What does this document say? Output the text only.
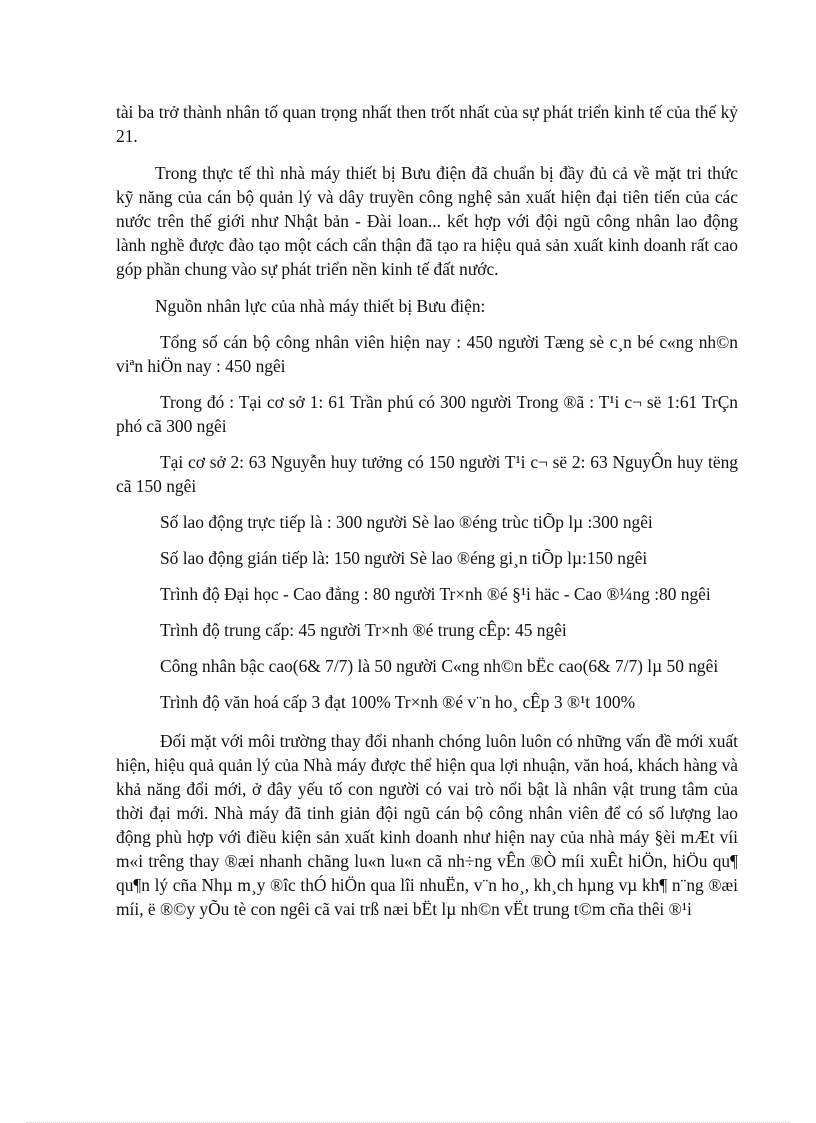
tài ba trở thành nhân tố quan trọng nhất then trốt nhất của sự phát triển kinh tế của thế kỷ 21.

Trong thực tế thì nhà máy thiết bị Bưu điện đã chuẩn bị đầy đủ cả về mặt tri thức kỹ năng của cán bộ quản lý và dây truyền công nghệ sản xuất hiện đại tiên tiến của các nước trên thế giới như Nhật bản - Đài loan... kết hợp với đội ngũ công nhân lao động lành nghề được đào tạo một cách cẩn thận đã tạo ra hiệu quả sản xuất kinh doanh rất cao góp phần chung vào sự phát triển nền kinh tế đất nước.

Nguồn nhân lực của nhà máy thiết bị Bưu điện:

Tổng số cán bộ công nhân viên hiện nay : 450 người Tæng sè c¸n bé c«ng nh©n viªn hiÖn nay : 450 ngêi

Trong đó : Tại cơ sở 1: 61 Trần phú có 300 người Trong ®ã : T¹i c¬ së 1:61 TrÇn phó cã 300 ngêi

Tại cơ sở 2: 63 Nguyễn huy tưởng có 150 người T¹i c¬ së 2: 63 NguyÔn huy tëng cã 150 ngêi

Số lao động trực tiếp là : 300 người Sè lao ®éng trùc tiÕp lµ :300 ngêi

Số lao động gián tiếp là: 150 người Sè lao ®éng gi¸n tiÕp lµ:150 ngêi

Trình độ Đại học - Cao đẳng : 80 người Tr×nh ®é §¹i häc - Cao ®¼ng :80 ngêi

Trình độ trung cấp: 45 người Tr×nh ®é trung cÊp: 45 ngêi

Công nhân bậc cao(6& 7/7) là 50 người C«ng nh©n bËc cao(6& 7/7) lµ 50 ngêi

Trình độ văn hoá cấp 3 đạt 100% Tr×nh ®é v¨n ho¸ cÊp 3 ®¹t 100%

Đối mặt với môi trường thay đổi nhanh chóng luôn luôn có những vấn đề mới xuất hiện, hiệu quả quản lý của Nhà máy được thể hiện qua lợi nhuận, văn hoá, khách hàng và khả năng đổi mới, ở đây yếu tố con người có vai trò nổi bật là nhân vật trung tâm của thời đại mới. Nhà máy đã tinh giản đội ngũ cán bộ công nhân viên để có số lượng lao động phù hợp với điều kiện sản xuất kinh doanh như hiện nay của nhà máy §èi mÆt víi m«i trêng thay ®æi nhanh chãng lu«n lu«n cã nh÷ng vÊn ®Ò míi xuÊt hiÖn, hiÖu qu¶ qu¶n lý cña Nhµ m¸y ®îc thÓ hiÖn qua lîi nhuËn, v¨n ho¸, kh¸ch hµng vµ kh¶ n¨ng ®æi míi, ë ®©y yÕu tè con ngêi cã vai trß næi bËt lµ nh©n vËt trung t©m cña thêi ®¹i
